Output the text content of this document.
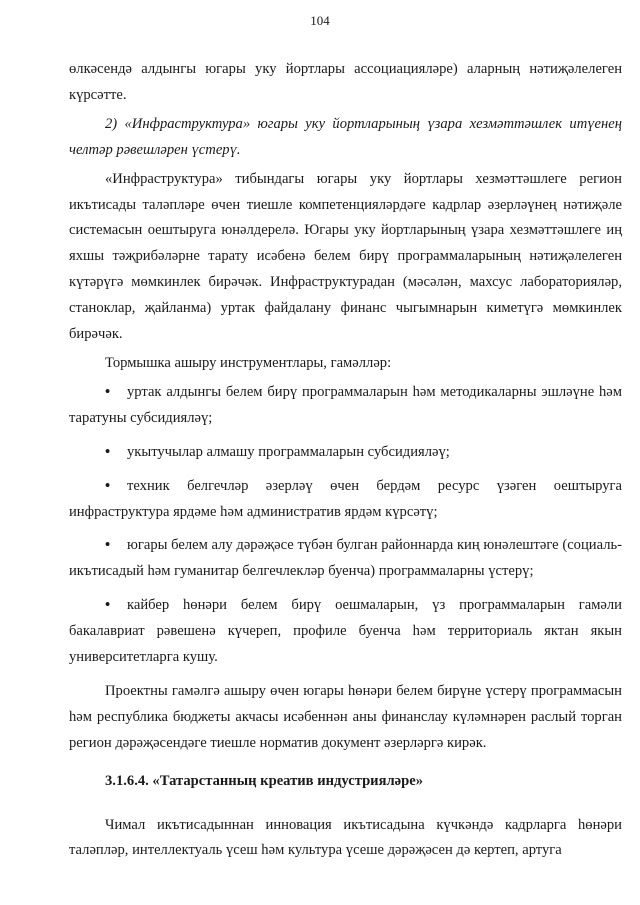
104

өлкәсендә алдынгы югары уку йортлары ассоциацияләре) аларның нәтиҗәлелеген күрсәтте.

2) «Инфраструктура» югары уку йортларының үзара хезмәттәшлек итүенең челтәр рәвешләрен үстерү.

«Инфраструктура» тибындагы югары уку йортлары хезмәттәшлеге регион икътисады таләпләре өчен тиешле компетенцияләрдәге кадрлар әзерләүнең нәтиҗәле системасын оештыруга юнәлдерелә. Югары уку йортларының үзара хезмәттәшлеге иң яхшы тәҗрибәләрне тарату исәбенә белем бирү программаларының нәтиҗәлелеген күтәрүгә мөмкинлек бирәчәк. Инфраструктурадан (мәсәлән, махсус лабораторияләр, станоклар, җайланма) уртак файдалану финанс чыгымнарын киметүгә мөмкинлек бирәчәк.

Тормышка ашыру инструментлары, гамәлләр:

• уртак алдынгы белем бирү программаларын һәм методикаларны эшләүне һәм таратуны субсидияләү;

• укытучылар алмашу программаларын субсидияләү;

• техник белгечләр әзерләү өчен бердәм ресурс үзәген оештыруга инфраструктура ярдәме һәм административ ярдәм күрсәтү;

• югары белем алу дәрәҗәсе түбән булган районнарда киң юнәлештәге (социаль-икътисадый һәм гуманитар белгечлекләр буенча) программаларны үстерү;

• кайбер һөнәри белем бирү оешмаларын, үз программаларын гамәли бакалавриат рәвешенә күчереп, профиле буенча һәм территориаль яктан якын университетларга кушу.

Проектны гамәлгә ашыру өчен югары һөнәри белем бирүне үстерү программасын һәм республика бюджеты акчасы исәбеннән аны финанслау күләмнәрен раслый торган регион дәрәҗәсендәге тиешле норматив документ әзерләргә кирәк.

3.1.6.4. «Татарстанның креатив индустрияләре»

Чимал икътисадыннан инновация икътисадына күчкәндә кадрларга һөнәри таләпләр, интеллектуаль үсеш һәм культура үсеше дәрәҗәсен дә кертеп, артуга
